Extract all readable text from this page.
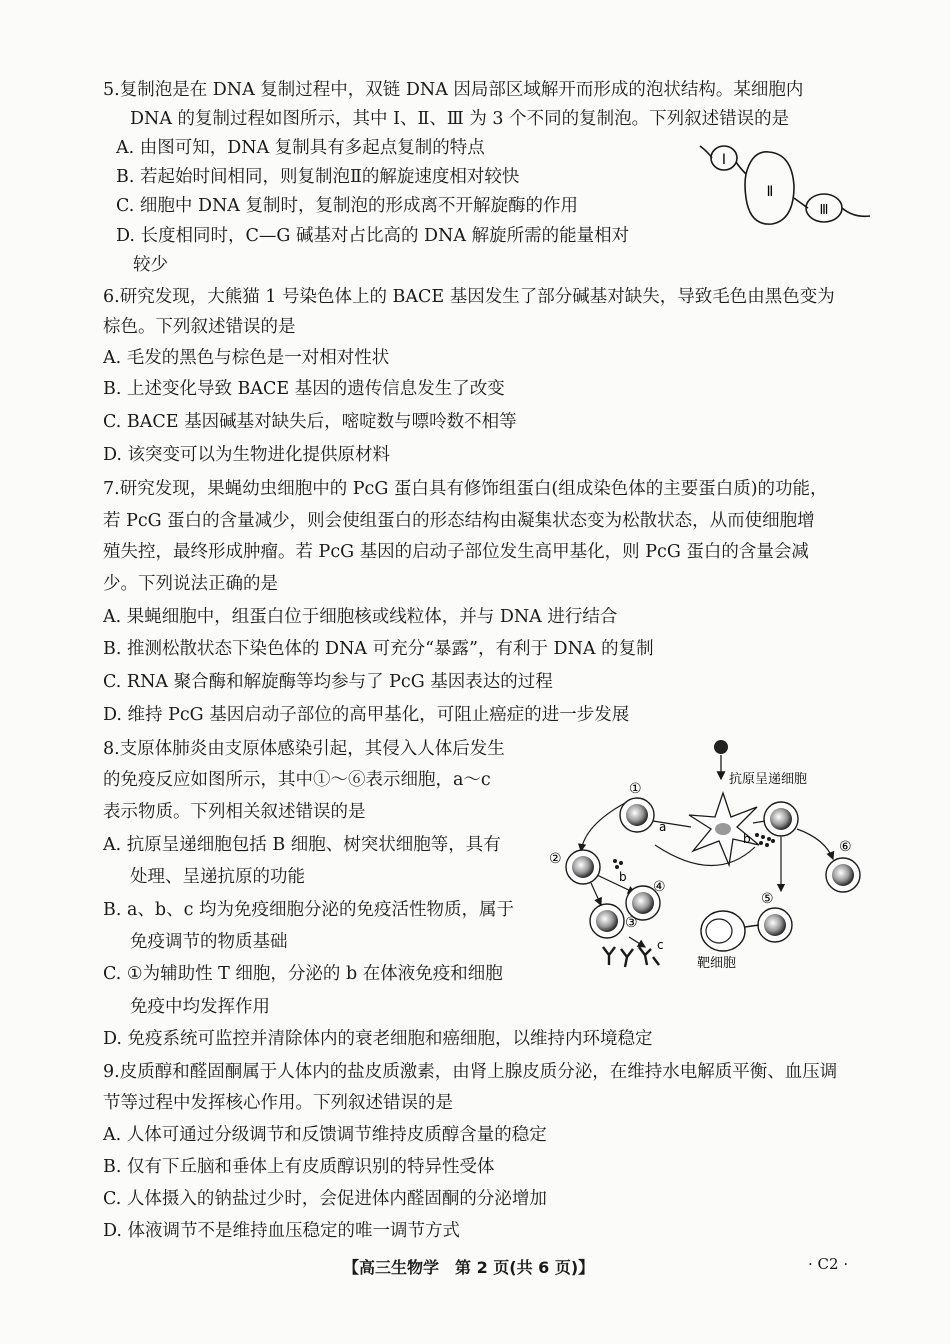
5.复制泡是在 DNA 复制过程中，双链 DNA 因局部区域解开而形成的泡状结构。某细胞内
DNA 的复制过程如图所示，其中 Ⅰ、Ⅱ、Ⅲ 为 3 个不同的复制泡。下列叙述错误的是
A. 由图可知，DNA 复制具有多起点复制的特点
B. 若起始时间相同，则复制泡Ⅱ的解旋速度相对较快
C. 细胞中 DNA 复制时，复制泡的形成离不开解旋酶的作用
D. 长度相同时，C—G 碱基对占比高的 DNA 解旋所需的能量相对
较少
Ⅰ
Ⅱ
Ⅲ
6.研究发现，大熊猫 1 号染色体上的 BACE 基因发生了部分碱基对缺失，导致毛色由黑色变为
棕色。下列叙述错误的是
A. 毛发的黑色与棕色是一对相对性状
B. 上述变化导致 BACE 基因的遗传信息发生了改变
C. BACE 基因碱基对缺失后，嘧啶数与嘌呤数不相等
D. 该突变可以为生物进化提供原材料
7.研究发现，果蝇幼虫细胞中的 PcG 蛋白具有修饰组蛋白(组成染色体的主要蛋白质)的功能，
若 PcG 蛋白的含量减少，则会使组蛋白的形态结构由凝集状态变为松散状态，从而使细胞增
殖失控，最终形成肿瘤。若 PcG 基因的启动子部位发生高甲基化，则 PcG 蛋白的含量会减
少。下列说法正确的是
A. 果蝇细胞中，组蛋白位于细胞核或线粒体，并与 DNA 进行结合
B. 推测松散状态下染色体的 DNA 可充分“暴露”，有利于 DNA 的复制
C. RNA 聚合酶和解旋酶等均参与了 PcG 基因表达的过程
D. 维持 PcG 基因启动子部位的高甲基化，可阻止癌症的进一步发展
8.支原体肺炎由支原体感染引起，其侵入人体后发生
的免疫反应如图所示，其中①～⑥表示细胞，a～c
表示物质。下列相关叙述错误的是
A. 抗原呈递细胞包括 B 细胞、树突状细胞等，具有
处理、呈递抗原的功能
B. a、b、c 均为免疫细胞分泌的免疫活性物质，属于
免疫调节的物质基础
C. ①为辅助性 T 细胞，分泌的 b 在体液免疫和细胞
免疫中均发挥作用
D. 免疫系统可监控并清除体内的衰老细胞和癌细胞，以维持内环境稳定
抗原呈递细胞
①
a
b
②
b
④
③
c
⑥
⑤
靶细胞
9.皮质醇和醛固酮属于人体内的盐皮质激素，由肾上腺皮质分泌，在维持水电解质平衡、血压调
节等过程中发挥核心作用。下列叙述错误的是
A. 人体可通过分级调节和反馈调节维持皮质醇含量的稳定
B. 仅有下丘脑和垂体上有皮质醇识别的特异性受体
C. 人体摄入的钠盐过少时，会促进体内醛固酮的分泌增加
D. 体液调节不是维持血压稳定的唯一调节方式
【高三生物学　第 2 页(共 6 页)】	· C2 ·
